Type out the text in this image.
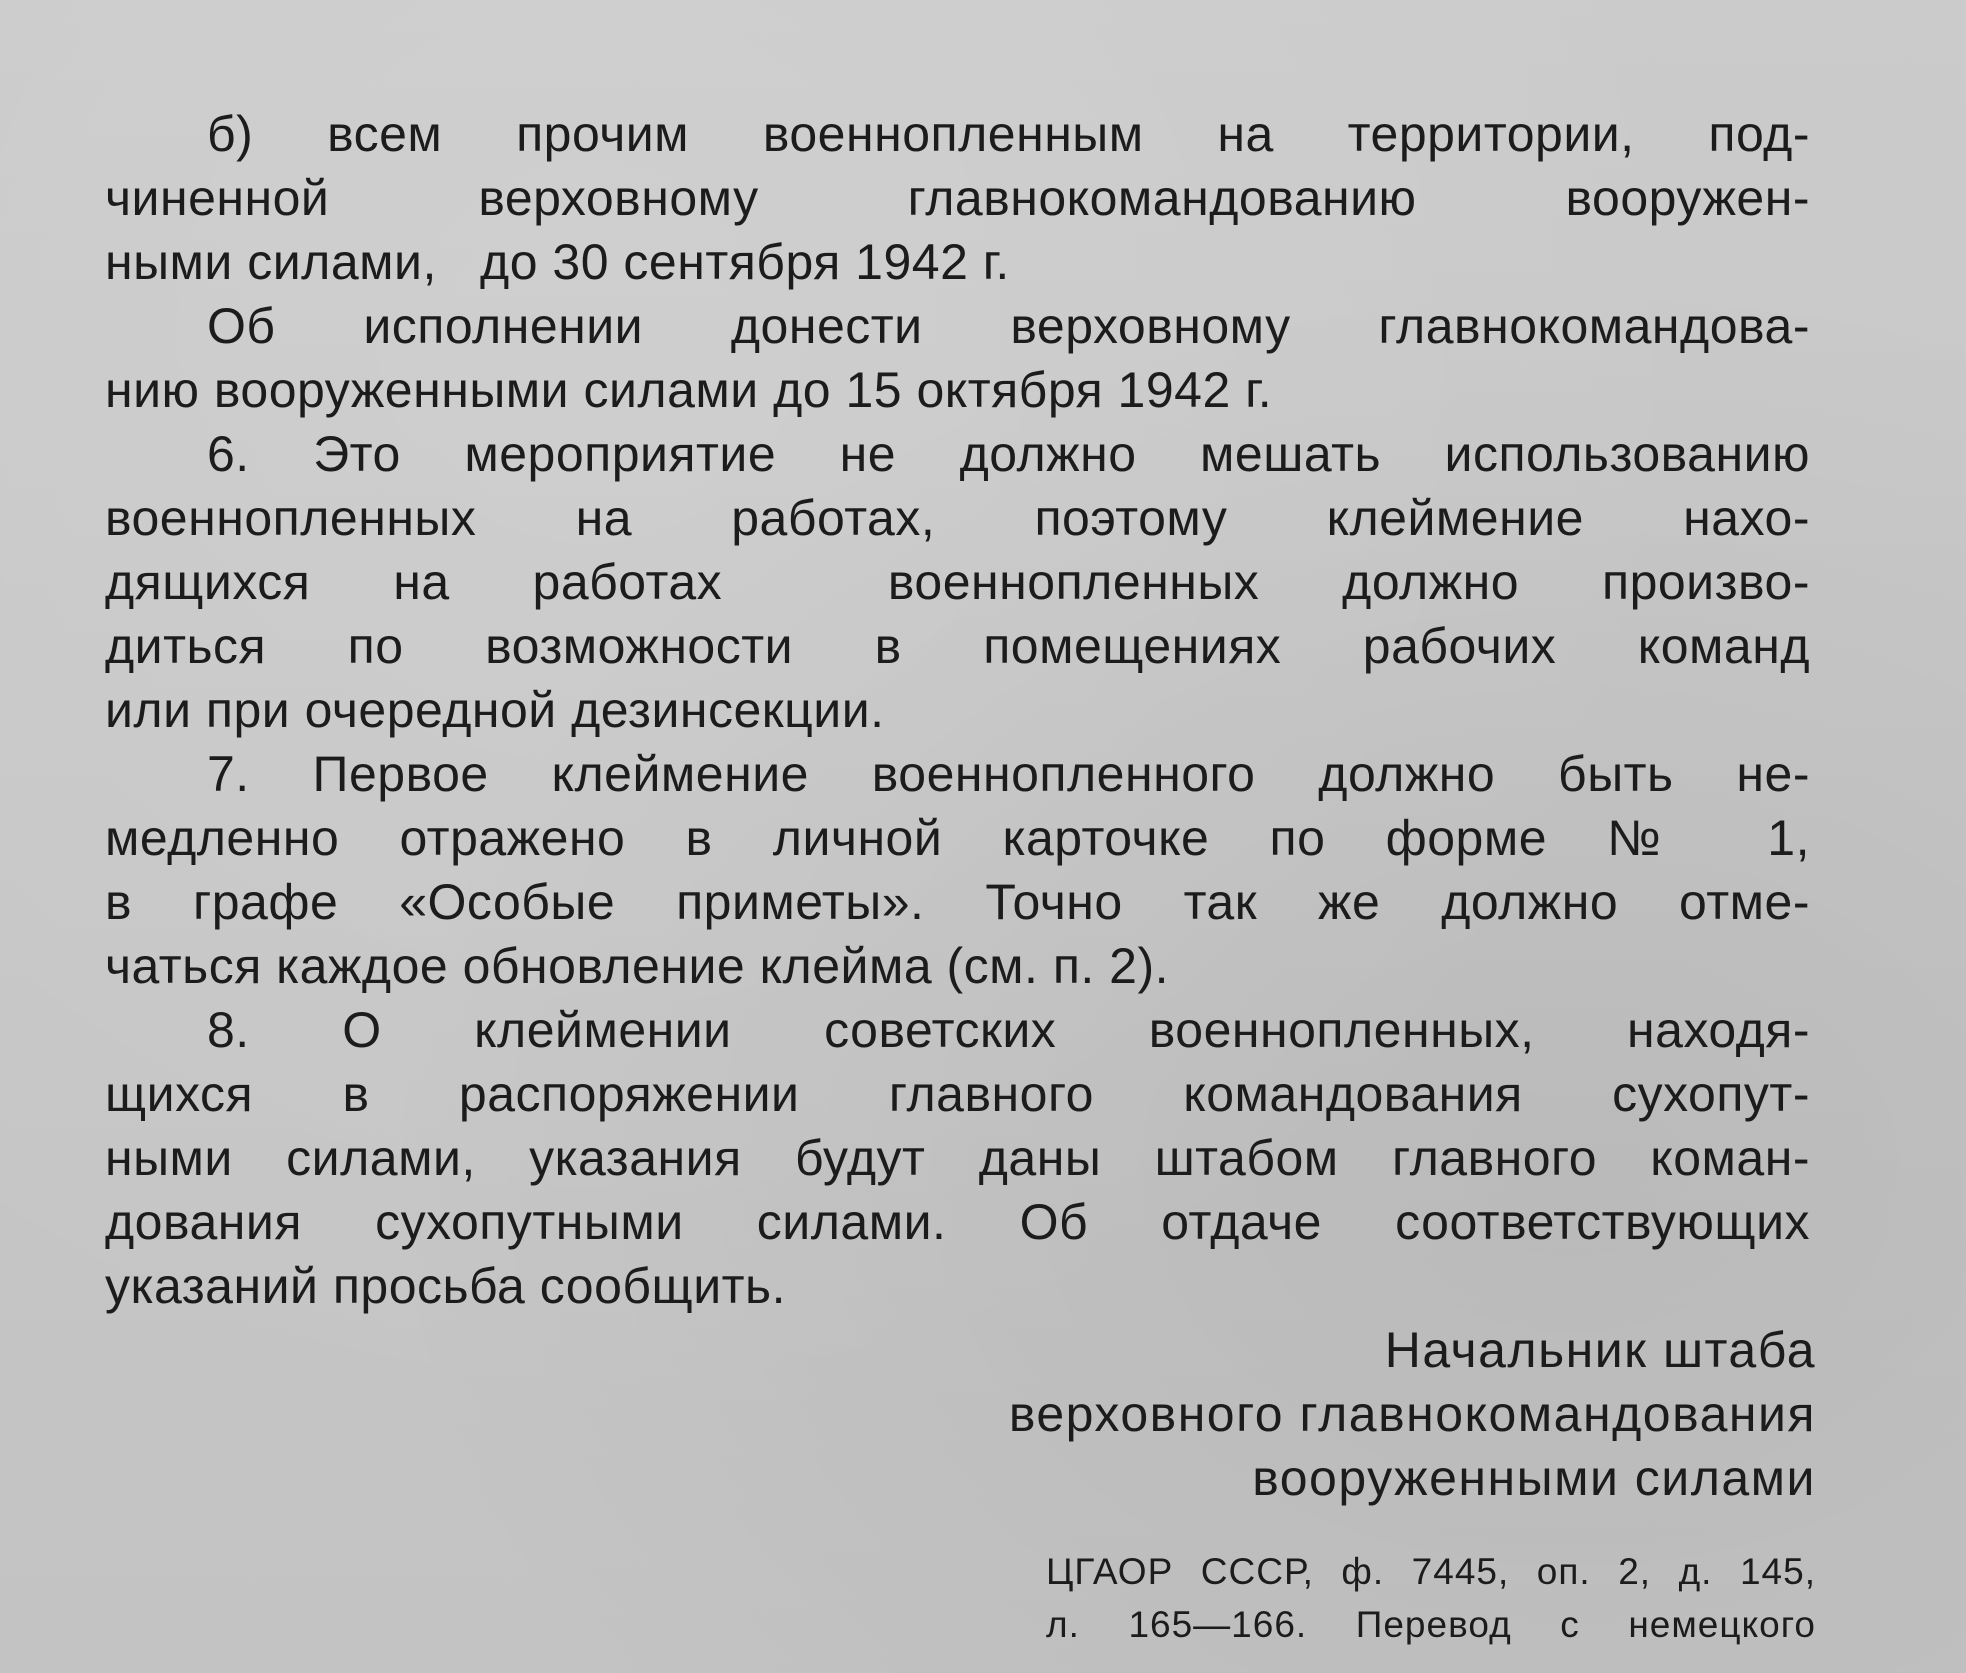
б) всем прочим военнопленным на территории, под-
чиненной верховному главнокомандованию вооружен-
ными силами,   до 30 сентября 1942 г.
Об исполнении донести верховному главнокомандова-
нию вооруженными силами до 15 октября 1942 г.
6. Это мероприятие не должно мешать использованию
военнопленных на работах, поэтому клеймение нахо-
дящихся на работах  военнопленных должно произво-
диться по возможности в помещениях рабочих команд
или при очередной дезинсекции.
7. Первое клеймение военнопленного должно быть не-
медленно отражено в личной карточке по форме № 1,
в графе «Особые приметы». Точно так же должно отме-
чаться каждое обновление клейма (см. п. 2).
8. О клеймении советских военнопленных, находя-
щихся в распоряжении главного командования сухопут-
ными силами, указания будут даны штабом главного коман-
дования сухопутными силами. Об отдаче соответствующих
указаний просьба сообщить.
Начальник штаба
верховного главнокомандования
вооруженными силами
ЦГАОР СССР, ф. 7445, оп. 2, д. 145,
л. 165—166. Перевод с немецкого
